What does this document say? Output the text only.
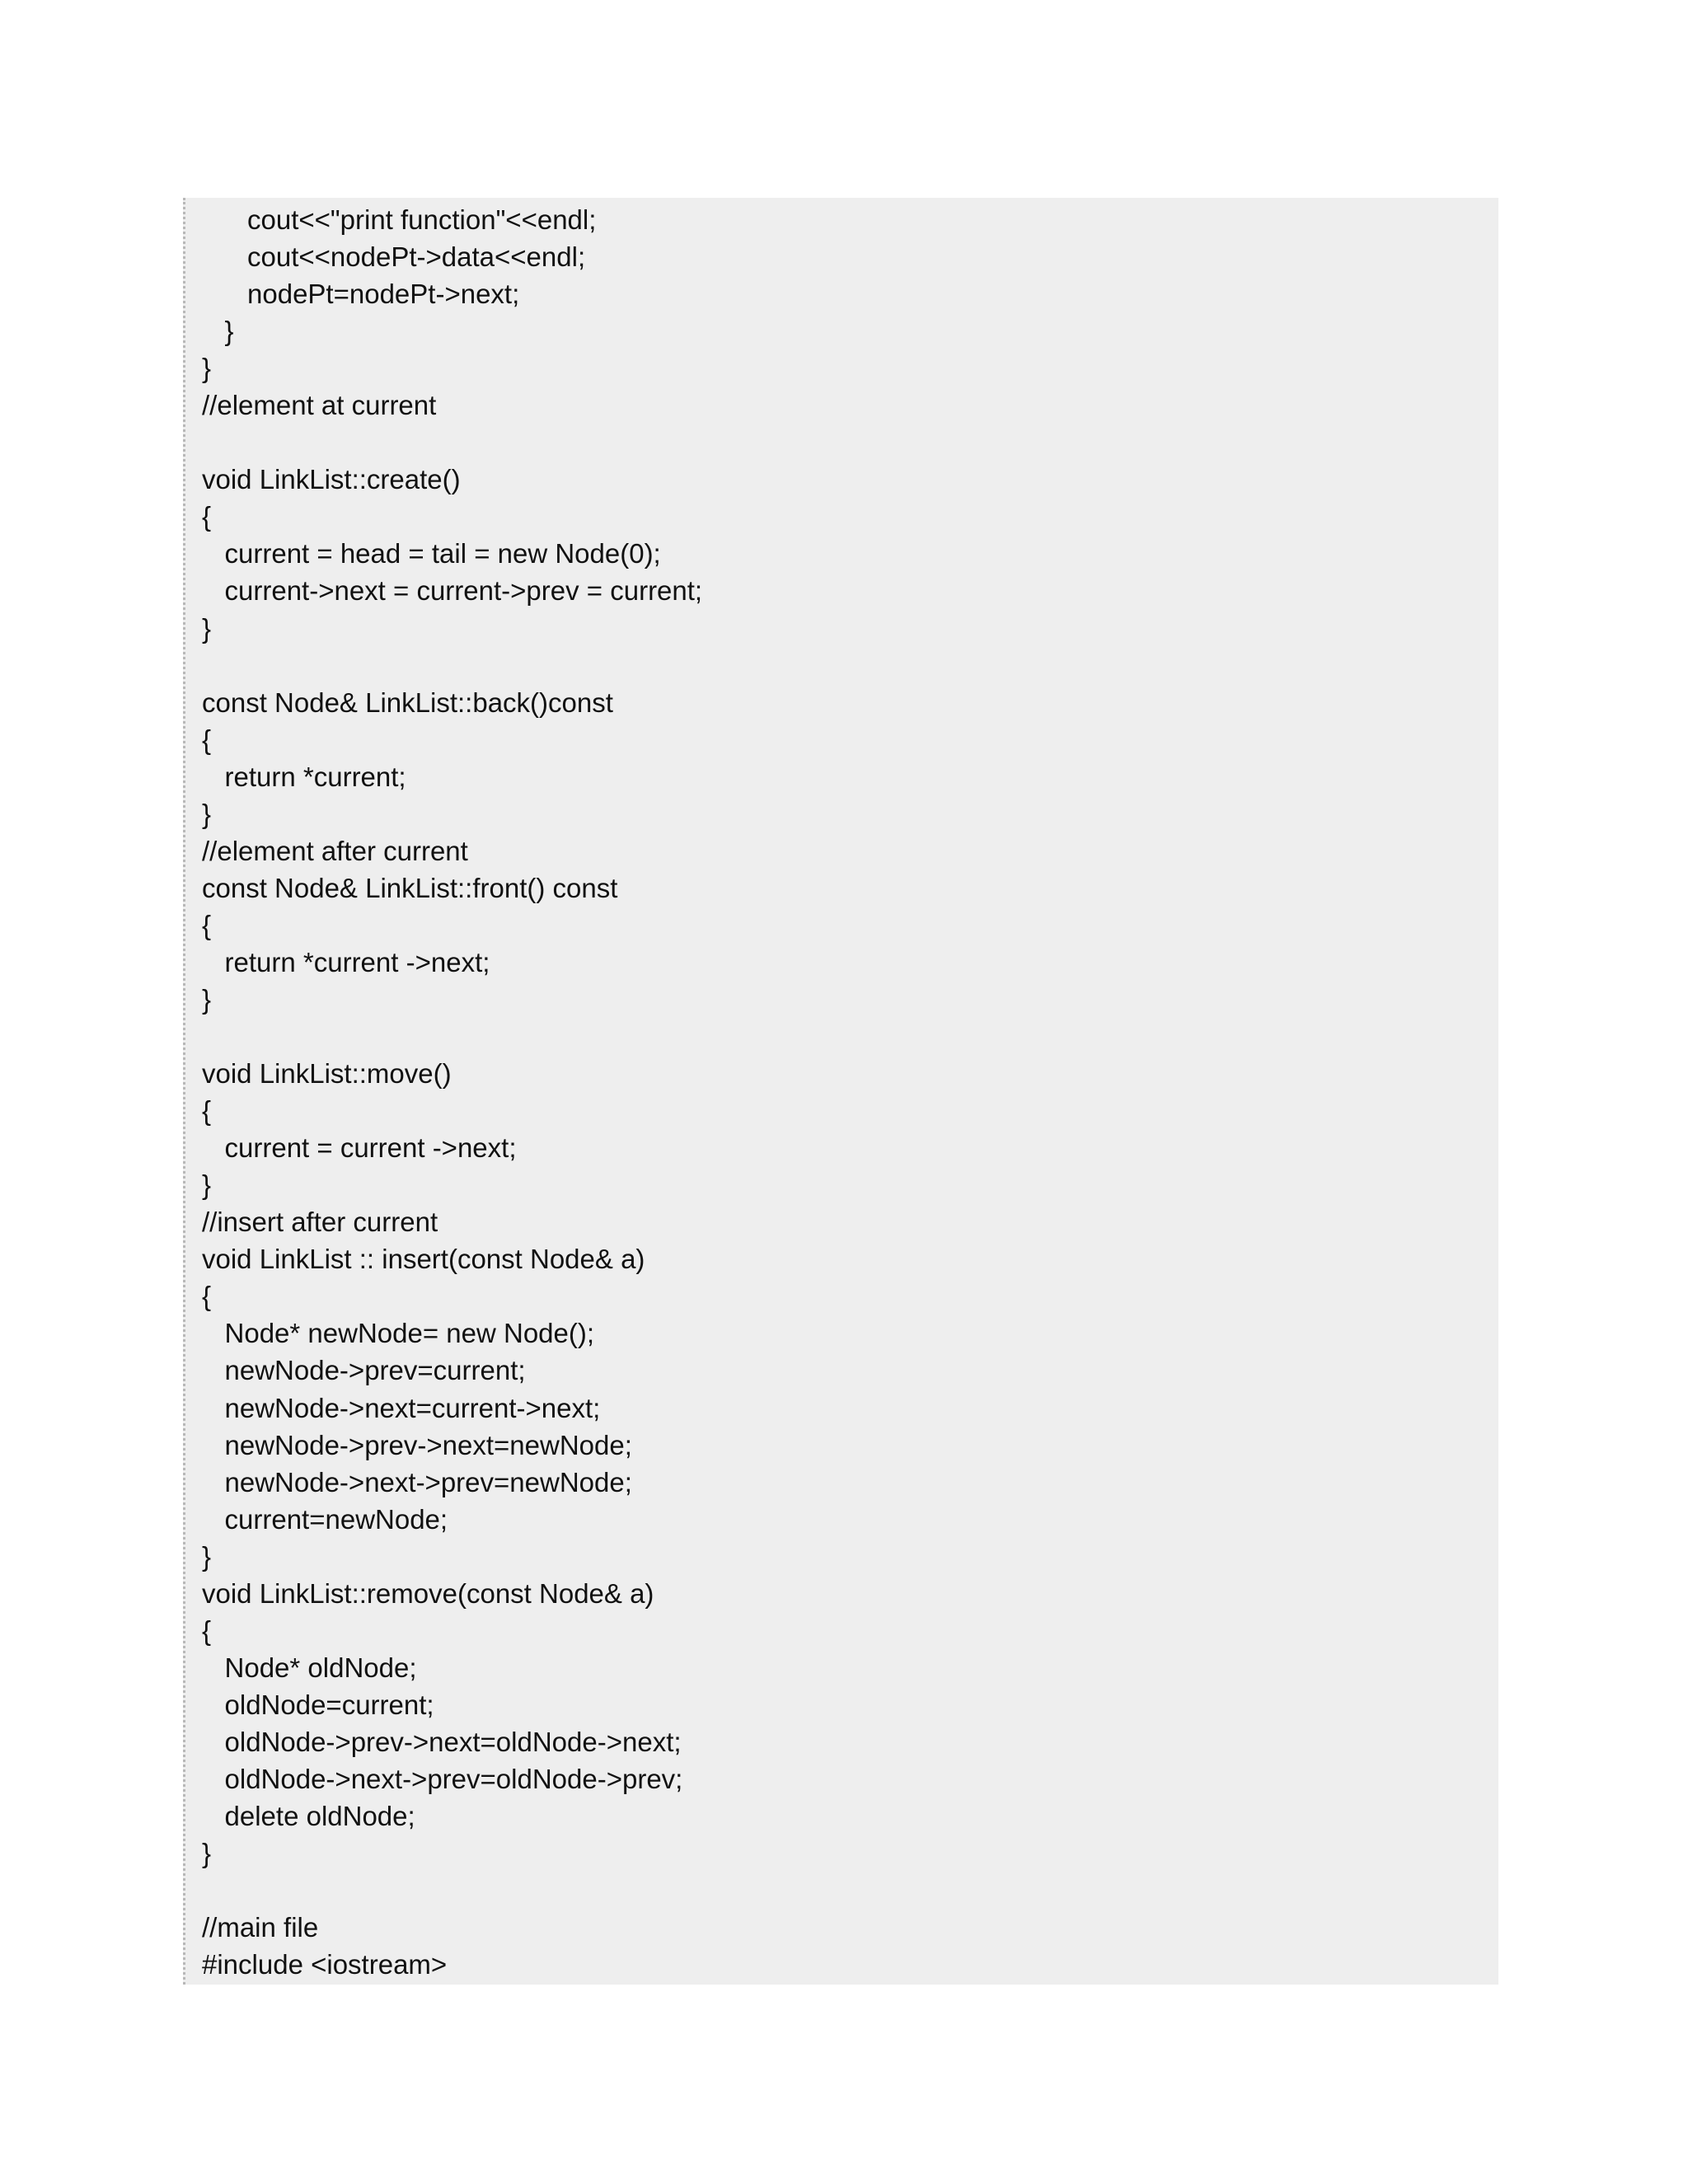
cout<<"print function"<<endl;
cout<<nodePt->data<<endl;
nodePt=nodePt->next;
}
}
//element at current
void LinkList::create()
{
current = head = tail = new Node(0);
current->next = current->prev = current;
}
const Node& LinkList::back()const
{
return *current;
}
//element after current
const Node& LinkList::front() const
{
return *current ->next;
}
void LinkList::move()
{
current = current ->next;
}
//insert after current
void LinkList :: insert(const Node& a)
{
Node* newNode= new Node();
newNode->prev=current;
newNode->next=current->next;
newNode->prev->next=newNode;
newNode->next->prev=newNode;
current=newNode;
}
void LinkList::remove(const Node& a)
{
Node* oldNode;
oldNode=current;
oldNode->prev->next=oldNode->next;
oldNode->next->prev=oldNode->prev;
delete oldNode;
}
//main file
#include <iostream>
